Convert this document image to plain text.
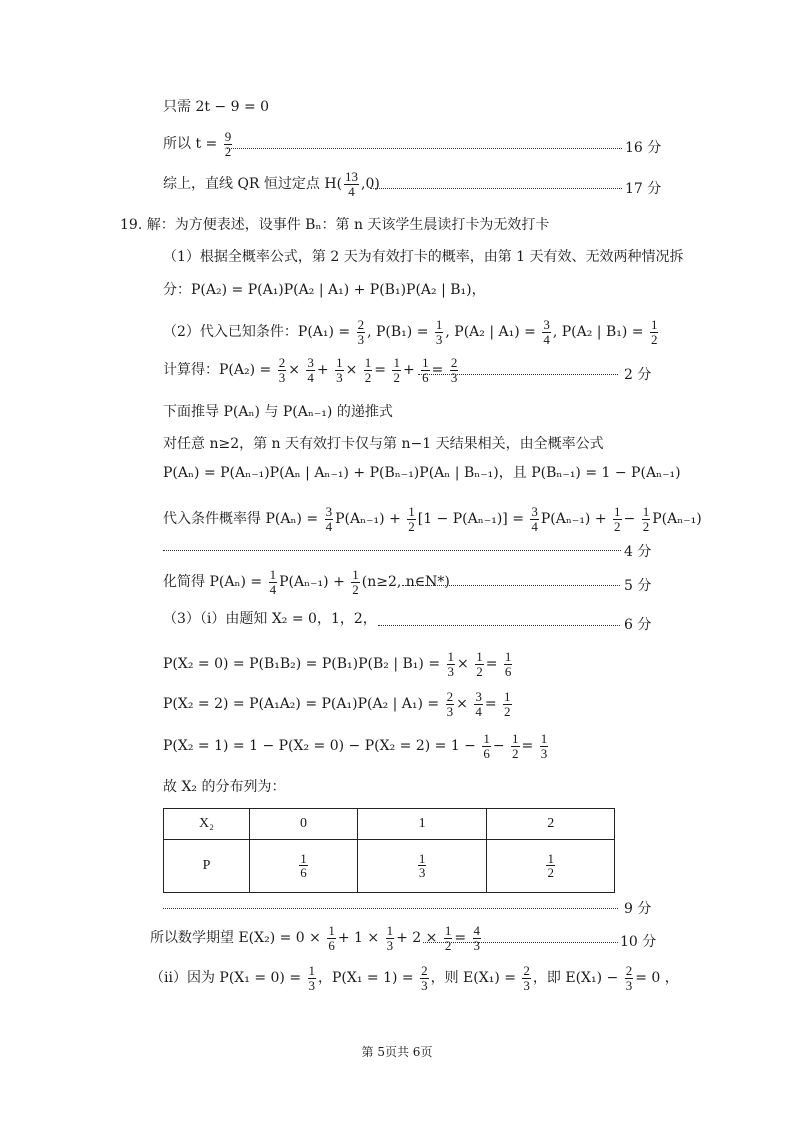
只需 2t − 9 = 0
所以 $t = \frac{9}{2}$	16 分
综上，直线 QR 恒过定点 $H( \frac{13}{4} ,0)$	17 分
19. 解：为方便表述，设事件 Bₙ：第 n 天该学生晨读打卡为无效打卡
（1）根据全概率公式，第 2 天为有效打卡的概率，由第 1 天有效、无效两种情况拆
分：P(A₂) = P(A₁)P(A₂ | A₁) + P(B₁)P(A₂ | B₁)，
（2）代入已知条件：$P(A_1) = \frac{2}{3}$ , $P(B_1) = \frac{1}{3}$ , P(A₂ | $A_1) = \frac{3}{4}$ , P(A₂ | $B_1) = \frac{1}{2}$
计算得：$P(A_2) = \frac{2}{3} \times \frac{3}{4} + \frac{1}{3} \times \frac{1}{2} = \frac{1}{2} + \frac{1}{6} = \frac{2}{3}$	2 分
下面推导 P(Aₙ) 与 P(Aₙ₋₁) 的递推式
对任意 n≥2，第 n 天有效打卡仅与第 n−1 天结果相关，由全概率公式
P(Aₙ) = P(Aₙ₋₁)P(Aₙ | Aₙ₋₁) + P(Bₙ₋₁)P(Aₙ | Bₙ₋₁)，且 P(Bₙ₋₁) = 1 − P(Aₙ₋₁)
代入条件概率得 $P(A_n) = \frac{3}{4} P(A_{n-1}) + \frac{1}{2} [1 - P(A_{n-1})] = \frac{3}{4} P(A_{n-1}) + \frac{1}{2} - \frac{1}{2} P(A_{n-1})$
4 分
化简得 $P(A_n) = \frac{1}{4} P(A_{n-1}) + \frac{1}{2} (n\ge 2$, n∈N*)	5 分
（3）（ⅰ）由题知 X₂ = 0，1，2，	6 分
P(X₂ = 0) = P(B₁B₂) = P(B₁)P(B₂ | $B_1) = \frac{1}{3} \times \frac{1}{2} = \frac{1}{6}$
P(X₂ = 2) = P(A₁A₂) = P(A₁)P(A₂ | $A_1) = \frac{2}{3} \times \frac{3}{4} = \frac{1}{2}$
$P(X_2 = 1) = 1 - P(X_2 = 0) - P(X_2 = 2) = 1 - \frac{1}{6} - \frac{1}{2} = \frac{1}{3}$
故 X₂ 的分布列为：
X₂	0	1	2
P	$\frac{1}{6}$	$\frac{1}{3}$	$\frac{1}{2}$
9 分
所以数学期望 $E(X_2) = 0 \times \frac{1}{6} + 1 \times \frac{1}{3} + 2 \times \frac{1}{2} = \frac{4}{3}$	10 分
（ⅱ）因为 $P(X_1 = 0) = \frac{1}{3}$ ，$P(X_1 = 1) = \frac{2}{3}$ ，则 $E(X_1) = \frac{2}{3}$ ，即 $E(X_1) - \frac{2}{3} = 0$ ，
第 5页共 6页
